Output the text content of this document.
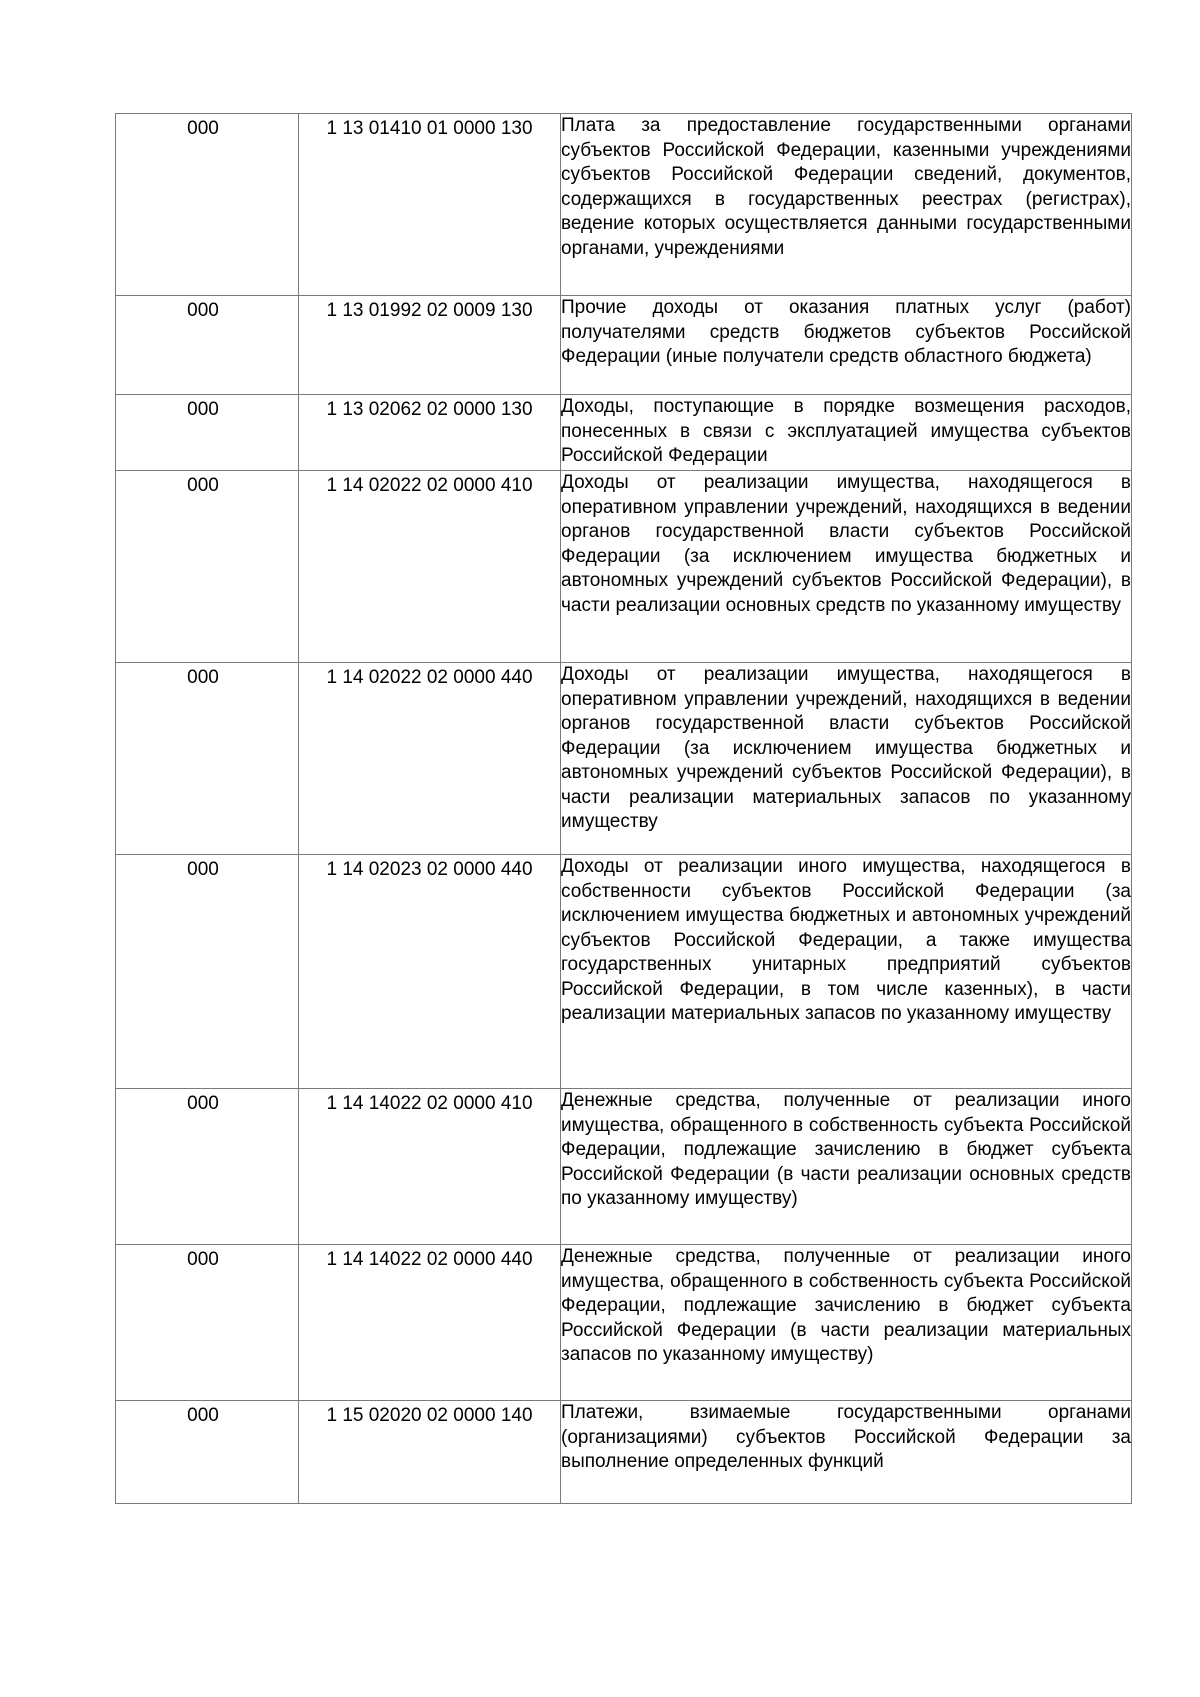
000	1 13 01410 01 0000 130	Плата за предоставление государственными органами субъектов Российской Федерации, казенными учреждениями субъектов Российской Федерации сведений, документов, содержащихся в государственных реестрах (регистрах), ведение которых осуществляется данными государственными органами, учреждениями
000	1 13 01992 02 0009 130	Прочие доходы от оказания платных услуг (работ) получателями средств бюджетов субъектов Российской Федерации (иные получатели средств областного бюджета)
000	1 13 02062 02 0000 130	Доходы, поступающие в порядке возмещения расходов, понесенных в связи с эксплуатацией имущества субъектов Российской Федерации
000	1 14 02022 02 0000 410	Доходы от реализации имущества, находящегося в оперативном управлении учреждений, находящихся в ведении органов государственной власти субъектов Российской Федерации (за исключением имущества бюджетных и автономных учреждений субъектов Российской Федерации), в части реализации основных средств по указанному имуществу
000	1 14 02022 02 0000 440	Доходы от реализации имущества, находящегося в оперативном управлении учреждений, находящихся в ведении органов государственной власти субъектов Российской Федерации (за исключением имущества бюджетных и автономных учреждений субъектов Российской Федерации), в части реализации материальных запасов по указанному имуществу
000	1 14 02023 02 0000 440	Доходы от реализации иного имущества, находящегося в собственности субъектов Российской Федерации (за исключением имущества бюджетных и автономных учреждений субъектов Российской Федерации, а также имущества государственных унитарных предприятий субъектов Российской Федерации, в том числе казенных), в части реализации материальных запасов по указанному имуществу
000	1 14 14022 02 0000 410	Денежные средства, полученные от реализации иного имущества, обращенного в собственность субъекта Российской Федерации, подлежащие зачислению в бюджет субъекта Российской Федерации (в части реализации основных средств по указанному имуществу)
000	1 14 14022 02 0000 440	Денежные средства, полученные от реализации иного имущества, обращенного в собственность субъекта Российской Федерации, подлежащие зачислению в бюджет субъекта Российской Федерации (в части реализации материальных запасов по указанному имуществу)
000	1 15 02020 02 0000 140	Платежи, взимаемые государственными органами (организациями) субъектов Российской Федерации за выполнение определенных функций
